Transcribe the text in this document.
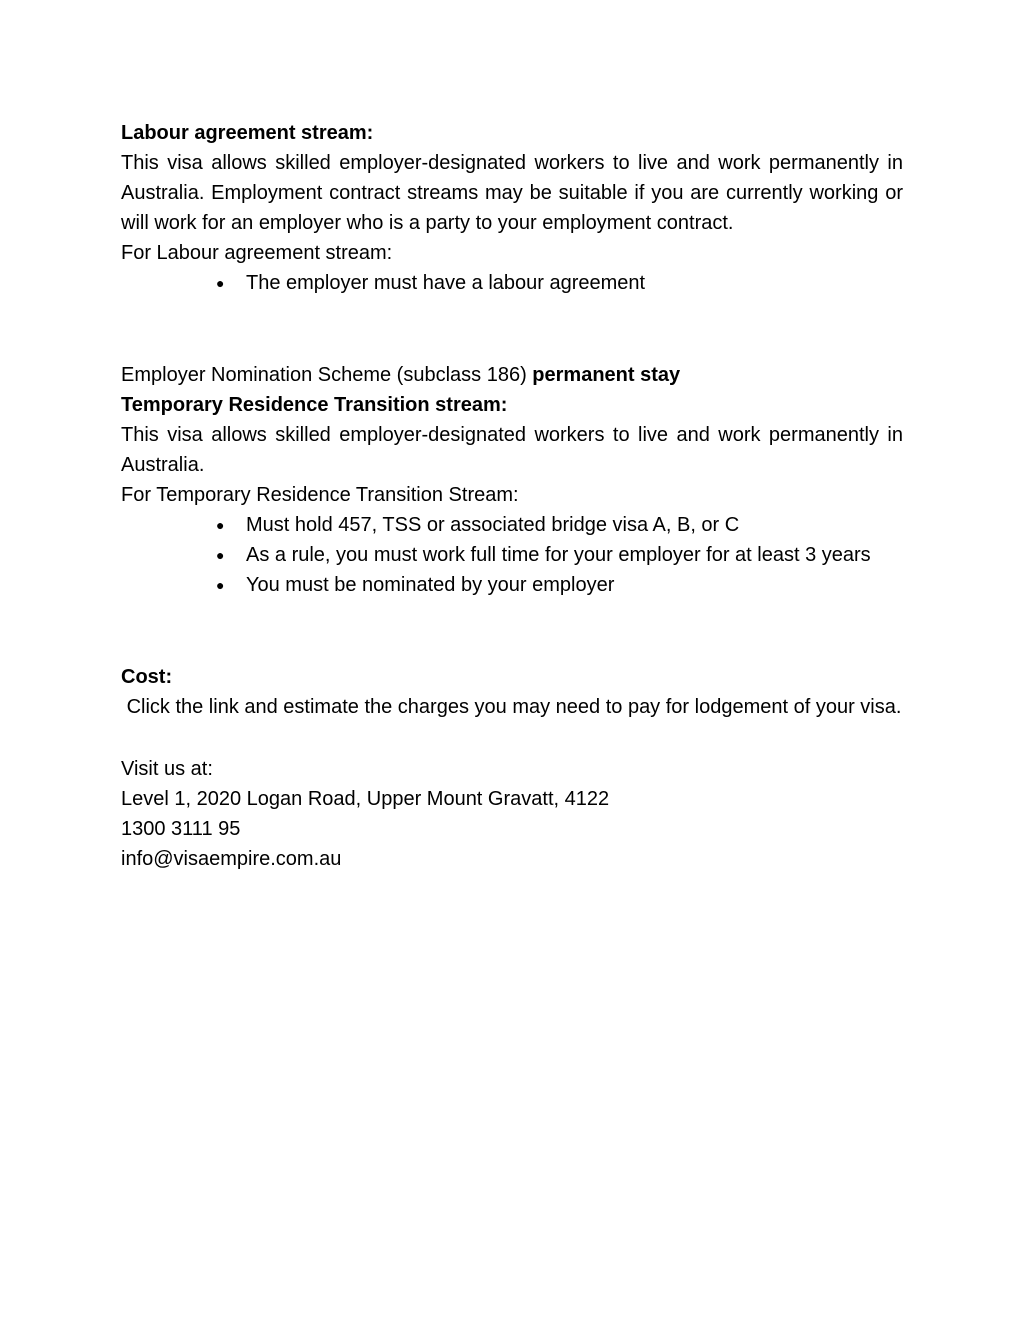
Labour agreement stream:

This visa allows skilled employer-designated workers to live and work permanently in Australia. Employment contract streams may be suitable if you are currently working or will work for an employer who is a party to your employment contract.

For Labour agreement stream:

● The employer must have a labour agreement

Employer Nomination Scheme (subclass 186) permanent stay

Temporary Residence Transition stream:

This visa allows skilled employer-designated workers to live and work permanently in Australia.

For Temporary Residence Transition Stream:

● Must hold 457, TSS or associated bridge visa A, B, or C
● As a rule, you must work full time for your employer for at least 3 years
● You must be nominated by your employer

Cost:

Click the link and estimate the charges you may need to pay for lodgement of your visa.

Visit us at:

Level 1, 2020 Logan Road, Upper Mount Gravatt, 4122

1300 3111 95

info@visaempire.com.au
